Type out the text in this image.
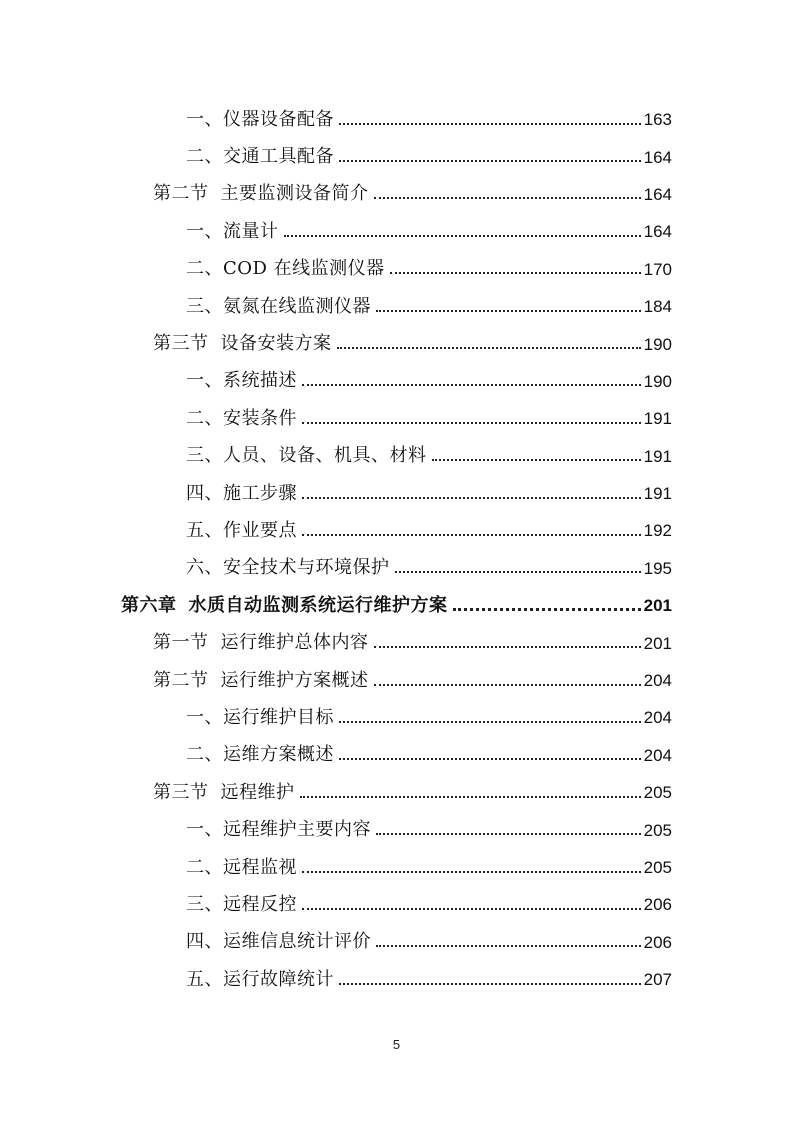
一、仪器设备配备	163
二、交通工具配备	164
第二节 主要监测设备简介	164
一、流量计	164
二、COD 在线监测仪器	170
三、氨氮在线监测仪器	184
第三节 设备安装方案	190
一、系统描述	190
二、安装条件	191
三、人员、设备、机具、材料	191
四、施工步骤	191
五、作业要点	192
六、安全技术与环境保护	195
第六章 水质自动监测系统运行维护方案	201
第一节 运行维护总体内容	201
第二节 运行维护方案概述	204
一、运行维护目标	204
二、运维方案概述	204
第三节 远程维护	205
一、远程维护主要内容	205
二、远程监视	205
三、远程反控	206
四、运维信息统计评价	206
五、运行故障统计	207
5
